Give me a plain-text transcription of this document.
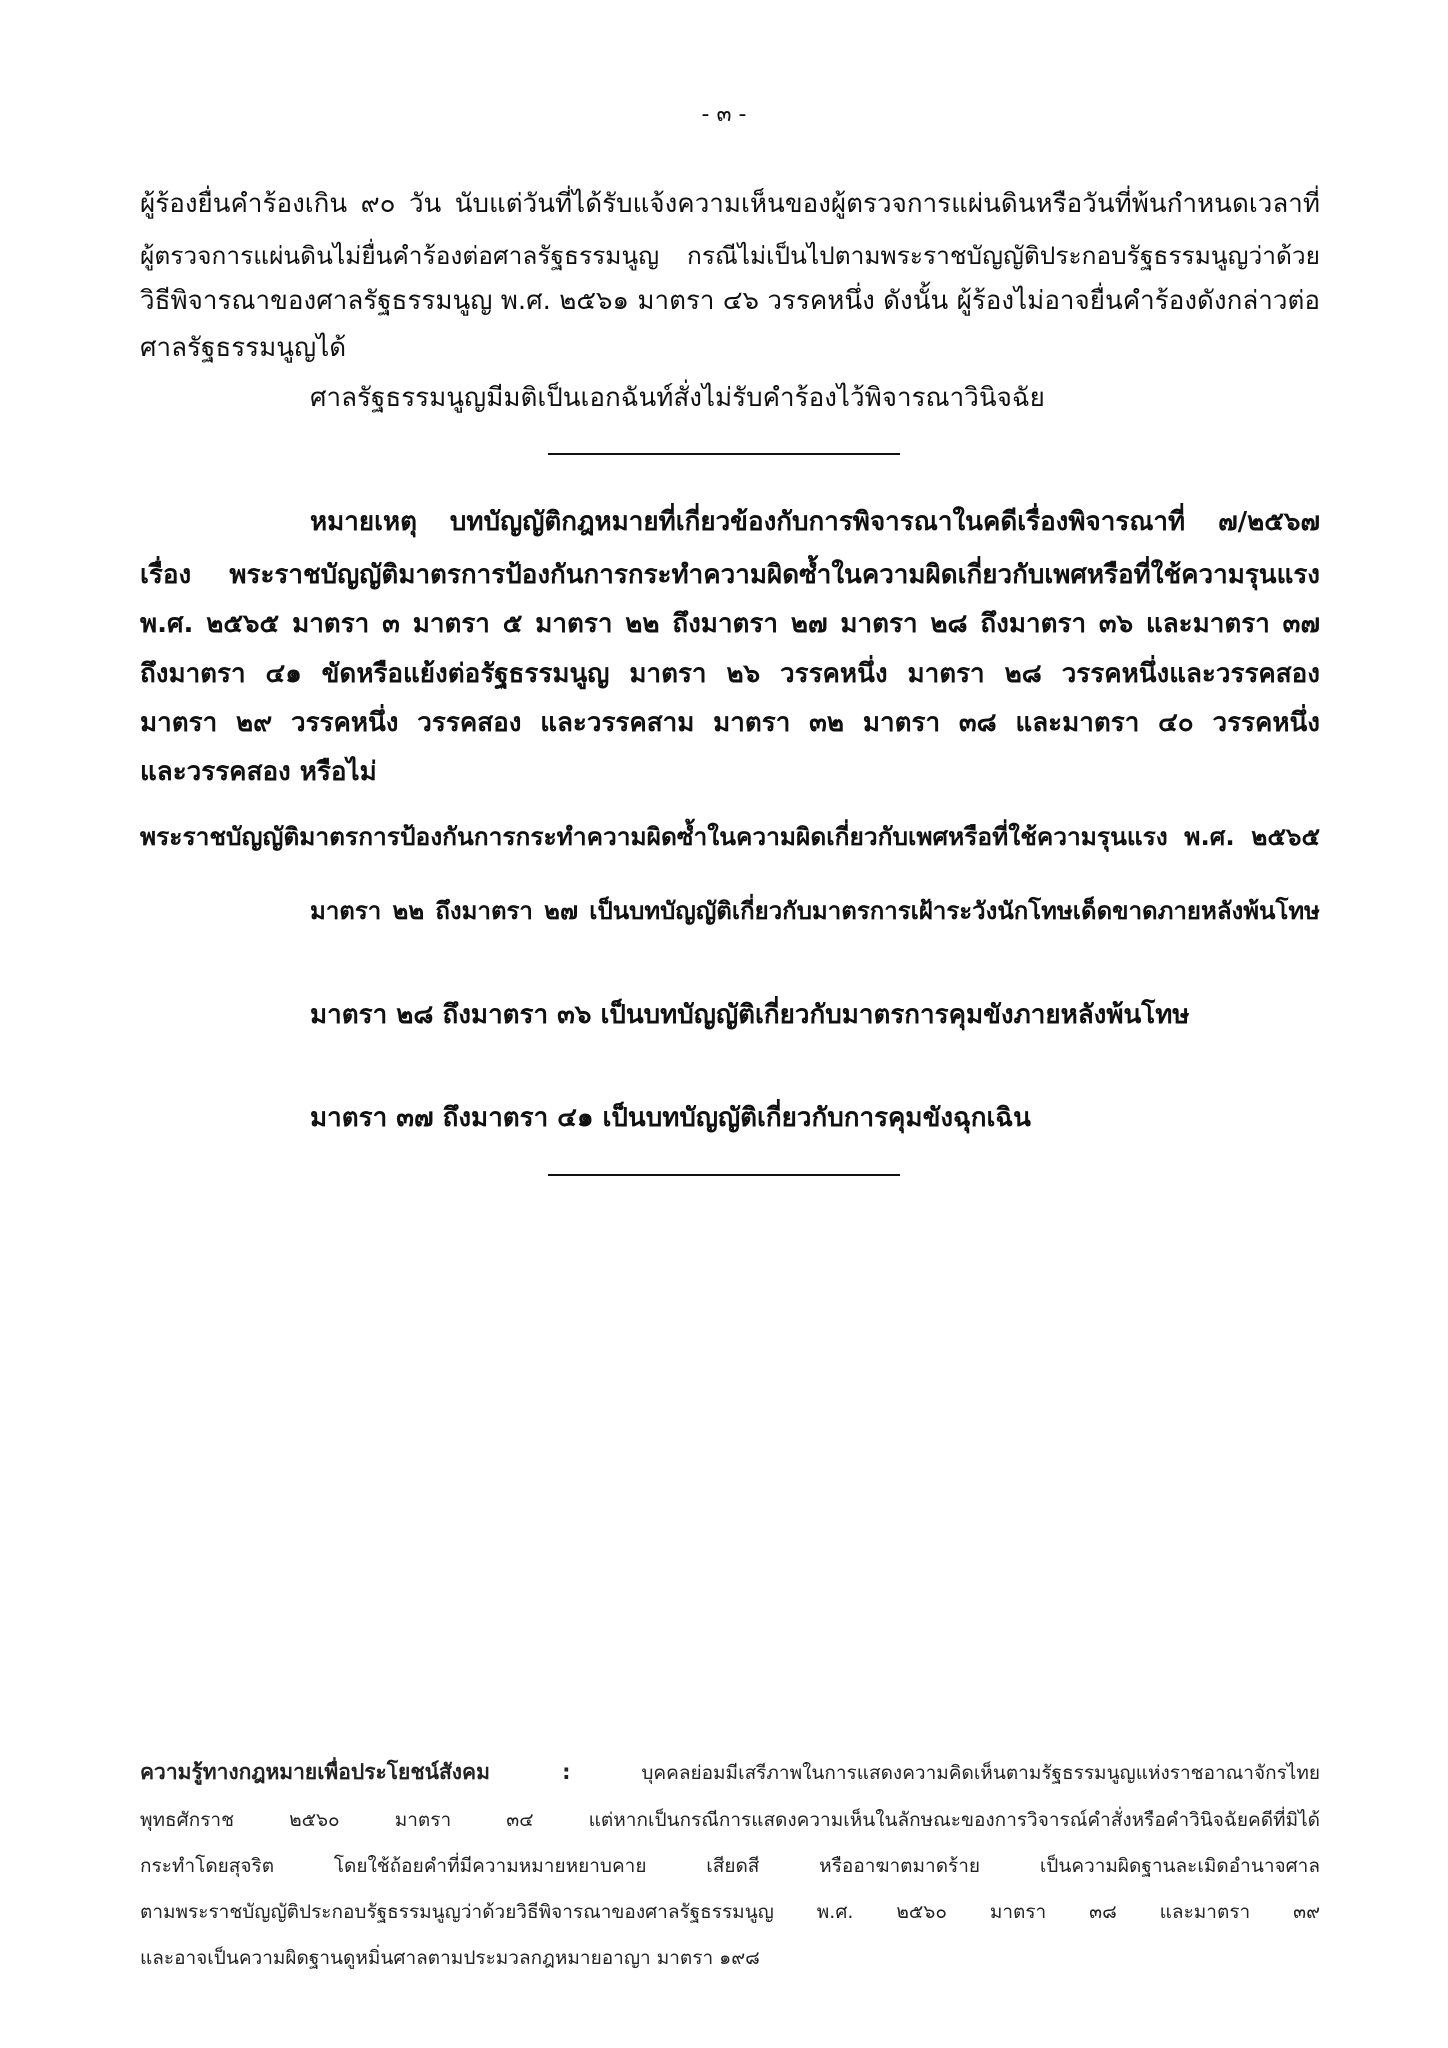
- ๓ -
ผู้ร้องยื่นคำร้องเกิน ๙๐ วัน นับแต่วันที่ได้รับแจ้งความเห็นของผู้ตรวจการแผ่นดินหรือวันที่พ้นกำหนดเวลาที่
ผู้ตรวจการแผ่นดินไม่ยื่นคำร้องต่อศาลรัฐธรรมนูญ กรณีไม่เป็นไปตามพระราชบัญญัติประกอบรัฐธรรมนูญว่าด้วย
วิธีพิจารณาของศาลรัฐธรรมนูญ พ.ศ. ๒๕๖๑ มาตรา ๔๖ วรรคหนึ่ง ดังนั้น ผู้ร้องไม่อาจยื่นคำร้องดังกล่าวต่อ
ศาลรัฐธรรมนูญได้
ศาลรัฐธรรมนูญมีมติเป็นเอกฉันท์สั่งไม่รับคำร้องไว้พิจารณาวินิจฉัย
หมายเหตุ บทบัญญัติกฎหมายที่เกี่ยวข้องกับการพิจารณาในคดีเรื่องพิจารณาที่ ๗/๒๕๖๗
เรื่อง พระราชบัญญัติมาตรการป้องกันการกระทำความผิดซ้ำในความผิดเกี่ยวกับเพศหรือที่ใช้ความรุนแรง
พ.ศ. ๒๕๖๕ มาตรา ๓ มาตรา ๕ มาตรา ๒๒ ถึงมาตรา ๒๗ มาตรา ๒๘ ถึงมาตรา ๓๖ และมาตรา ๓๗
ถึงมาตรา ๔๑ ขัดหรือแย้งต่อรัฐธรรมนูญ มาตรา ๒๖ วรรคหนึ่ง มาตรา ๒๘ วรรคหนึ่งและวรรคสอง
มาตรา ๒๙ วรรคหนึ่ง วรรคสอง และวรรคสาม มาตรา ๓๒ มาตรา ๓๘ และมาตรา ๔๐ วรรคหนึ่ง
และวรรคสอง หรือไม่
พระราชบัญญัติมาตรการป้องกันการกระทำความผิดซ้ำในความผิดเกี่ยวกับเพศหรือที่ใช้ความรุนแรง พ.ศ. ๒๕๖๕
มาตรา ๒๒ ถึงมาตรา ๒๗ เป็นบทบัญญัติเกี่ยวกับมาตรการเฝ้าระวังนักโทษเด็ดขาดภายหลังพ้นโทษ
มาตรา ๒๘ ถึงมาตรา ๓๖ เป็นบทบัญญัติเกี่ยวกับมาตรการคุมขังภายหลังพ้นโทษ
มาตรา ๓๗ ถึงมาตรา ๔๑ เป็นบทบัญญัติเกี่ยวกับการคุมขังฉุกเฉิน
ความรู้ทางกฎหมายเพื่อประโยชน์สังคม :	บุคคลย่อมมีเสรีภาพในการแสดงความคิดเห็นตามรัฐธรรมนูญแห่งราชอาณาจักรไทย
พุทธศักราช ๒๕๖๐ มาตรา ๓๔ แต่หากเป็นกรณีการแสดงความเห็นในลักษณะของการวิจารณ์คำสั่งหรือคำวินิจฉัยคดีที่มิได้
กระทำโดยสุจริต โดยใช้ถ้อยคำที่มีความหมายหยาบคาย เสียดสี หรืออาฆาตมาดร้าย เป็นความผิดฐานละเมิดอำนาจศาล
ตามพระราชบัญญัติประกอบรัฐธรรมนูญว่าด้วยวิธีพิจารณาของศาลรัฐธรรมนูญ พ.ศ. ๒๕๖๐ มาตรา ๓๘ และมาตรา ๓๙
และอาจเป็นความผิดฐานดูหมิ่นศาลตามประมวลกฎหมายอาญา มาตรา ๑๙๘
